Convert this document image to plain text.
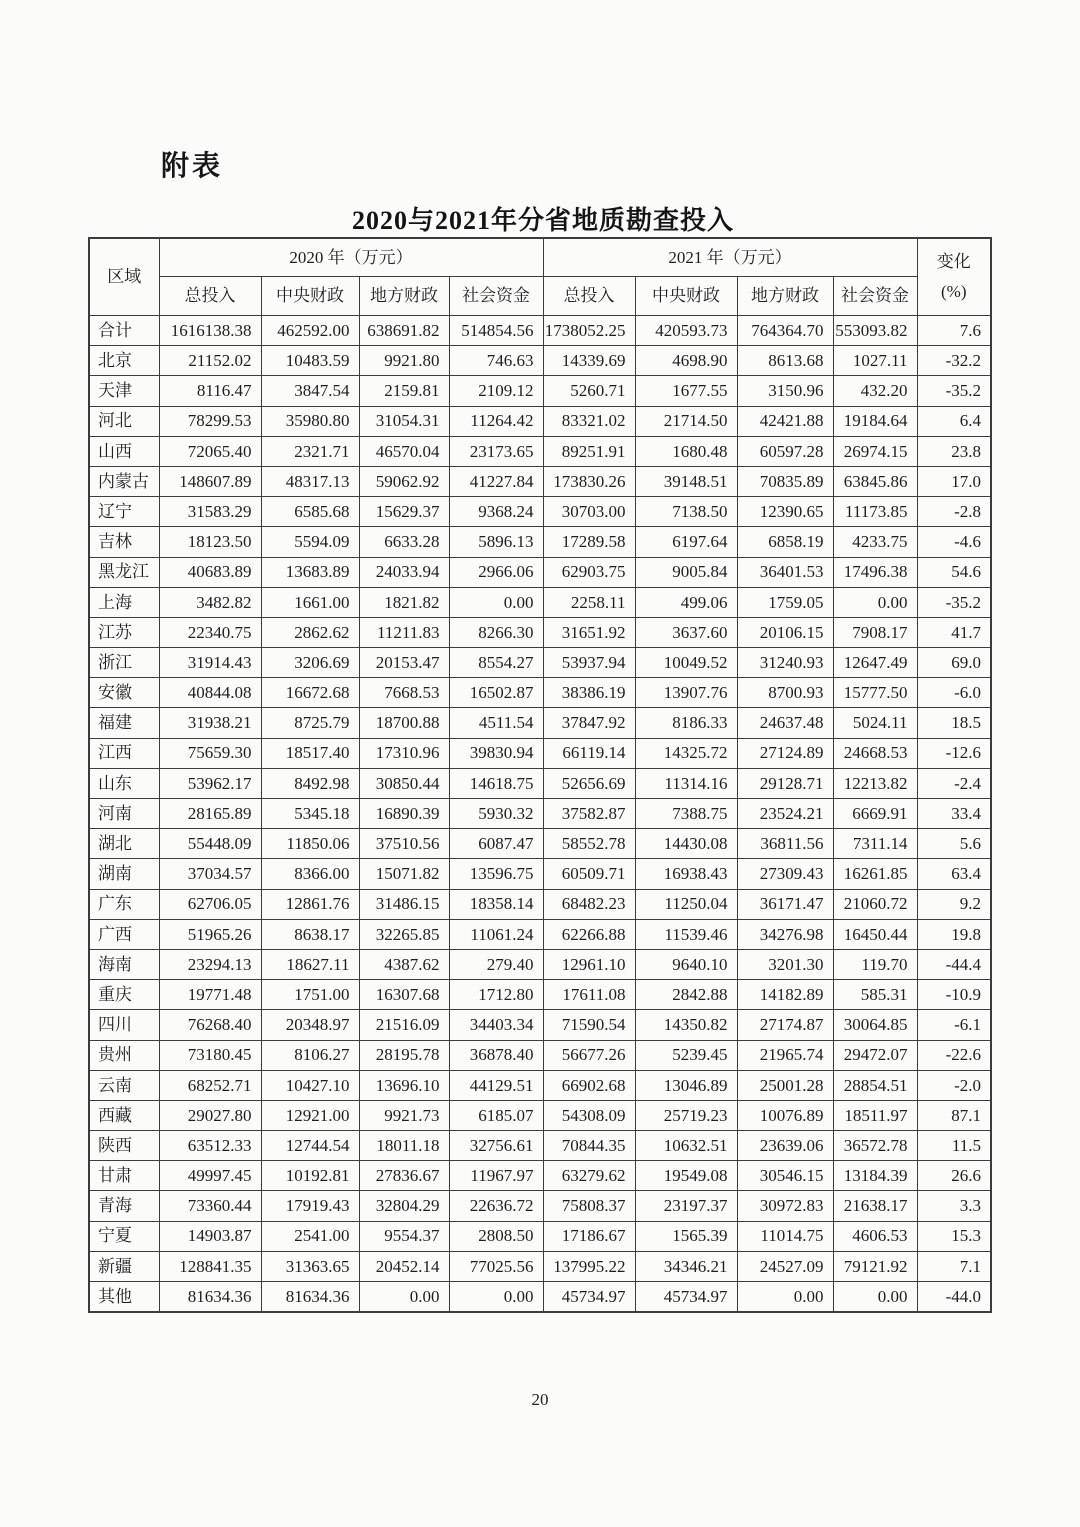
附表
2020与2021年分省地质勘查投入
区域	2020 年（万元）				2021 年（万元）				变化
(%)

	总投入	中央财政	地方财政	社会资金	总投入	中央财政	地方财政	社会资金	
合计	1616138.38	462592.00	638691.82	514854.56	1738052.25	420593.73	764364.70	553093.82	7.6
北京	21152.02	10483.59	9921.80	746.63	14339.69	4698.90	8613.68	1027.11	-32.2
天津	8116.47	3847.54	2159.81	2109.12	5260.71	1677.55	3150.96	432.20	-35.2
河北	78299.53	35980.80	31054.31	11264.42	83321.02	21714.50	42421.88	19184.64	6.4
山西	72065.40	2321.71	46570.04	23173.65	89251.91	1680.48	60597.28	26974.15	23.8
内蒙古	148607.89	48317.13	59062.92	41227.84	173830.26	39148.51	70835.89	63845.86	17.0
辽宁	31583.29	6585.68	15629.37	9368.24	30703.00	7138.50	12390.65	11173.85	-2.8
吉林	18123.50	5594.09	6633.28	5896.13	17289.58	6197.64	6858.19	4233.75	-4.6
黑龙江	40683.89	13683.89	24033.94	2966.06	62903.75	9005.84	36401.53	17496.38	54.6
上海	3482.82	1661.00	1821.82	0.00	2258.11	499.06	1759.05	0.00	-35.2
江苏	22340.75	2862.62	11211.83	8266.30	31651.92	3637.60	20106.15	7908.17	41.7
浙江	31914.43	3206.69	20153.47	8554.27	53937.94	10049.52	31240.93	12647.49	69.0
安徽	40844.08	16672.68	7668.53	16502.87	38386.19	13907.76	8700.93	15777.50	-6.0
福建	31938.21	8725.79	18700.88	4511.54	37847.92	8186.33	24637.48	5024.11	18.5
江西	75659.30	18517.40	17310.96	39830.94	66119.14	14325.72	27124.89	24668.53	-12.6
山东	53962.17	8492.98	30850.44	14618.75	52656.69	11314.16	29128.71	12213.82	-2.4
河南	28165.89	5345.18	16890.39	5930.32	37582.87	7388.75	23524.21	6669.91	33.4
湖北	55448.09	11850.06	37510.56	6087.47	58552.78	14430.08	36811.56	7311.14	5.6
湖南	37034.57	8366.00	15071.82	13596.75	60509.71	16938.43	27309.43	16261.85	63.4
广东	62706.05	12861.76	31486.15	18358.14	68482.23	11250.04	36171.47	21060.72	9.2
广西	51965.26	8638.17	32265.85	11061.24	62266.88	11539.46	34276.98	16450.44	19.8
海南	23294.13	18627.11	4387.62	279.40	12961.10	9640.10	3201.30	119.70	-44.4
重庆	19771.48	1751.00	16307.68	1712.80	17611.08	2842.88	14182.89	585.31	-10.9
四川	76268.40	20348.97	21516.09	34403.34	71590.54	14350.82	27174.87	30064.85	-6.1
贵州	73180.45	8106.27	28195.78	36878.40	56677.26	5239.45	21965.74	29472.07	-22.6
云南	68252.71	10427.10	13696.10	44129.51	66902.68	13046.89	25001.28	28854.51	-2.0
西藏	29027.80	12921.00	9921.73	6185.07	54308.09	25719.23	10076.89	18511.97	87.1
陕西	63512.33	12744.54	18011.18	32756.61	70844.35	10632.51	23639.06	36572.78	11.5
甘肃	49997.45	10192.81	27836.67	11967.97	63279.62	19549.08	30546.15	13184.39	26.6
青海	73360.44	17919.43	32804.29	22636.72	75808.37	23197.37	30972.83	21638.17	3.3
宁夏	14903.87	2541.00	9554.37	2808.50	17186.67	1565.39	11014.75	4606.53	15.3
新疆	128841.35	31363.65	20452.14	77025.56	137995.22	34346.21	24527.09	79121.92	7.1
其他	81634.36	81634.36	0.00	0.00	45734.97	45734.97	0.00	0.00	-44.0
20
